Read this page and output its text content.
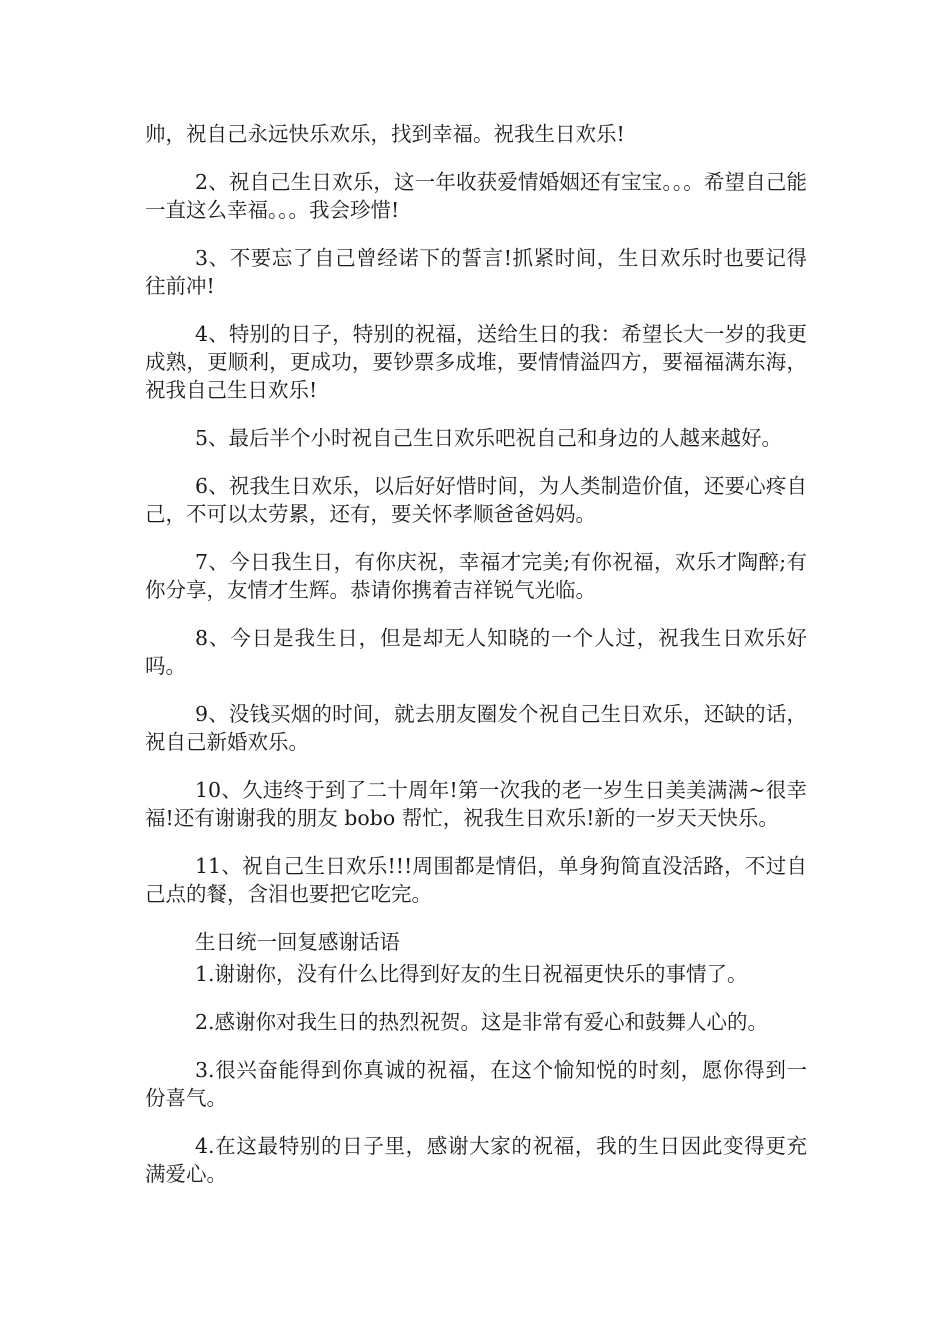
帅，祝自己永远快乐欢乐，找到幸福。祝我生日欢乐!

2、祝自己生日欢乐，这一年收获爱情婚姻还有宝宝。。。希望自己能一直这么幸福。。。我会珍惜!

3、不要忘了自己曾经诺下的誓言!抓紧时间，生日欢乐时也要记得往前冲!

4、特别的日子，特别的祝福，送给生日的我：希望长大一岁的我更成熟，更顺利，更成功，要钞票多成堆，要情情溢四方，要福福满东海，祝我自己生日欢乐!

5、最后半个小时祝自己生日欢乐吧祝自己和身边的人越来越好。

6、祝我生日欢乐，以后好好惜时间，为人类制造价值，还要心疼自己，不可以太劳累，还有，要关怀孝顺爸爸妈妈。

7、今日我生日，有你庆祝，幸福才完美;有你祝福，欢乐才陶醉;有你分享，友情才生辉。恭请你携着吉祥锐气光临。

8、今日是我生日，但是却无人知晓的一个人过，祝我生日欢乐好吗。

9、没钱买烟的时间，就去朋友圈发个祝自己生日欢乐，还缺的话，祝自己新婚欢乐。

10、久违终于到了二十周年!第一次我的老一岁生日美美满满~很幸福!还有谢谢我的朋友 bobo 帮忙，祝我生日欢乐!新的一岁天天快乐。

11、祝自己生日欢乐!!!周围都是情侣，单身狗简直没活路，不过自己点的餐，含泪也要把它吃完。

生日统一回复感谢话语

1.谢谢你，没有什么比得到好友的生日祝福更快乐的事情了。

2.感谢你对我生日的热烈祝贺。这是非常有爱心和鼓舞人心的。

3.很兴奋能得到你真诚的祝福，在这个愉知悦的时刻，愿你得到一份喜气。

4.在这最特别的日子里，感谢大家的祝福，我的生日因此变得更充满爱心。
